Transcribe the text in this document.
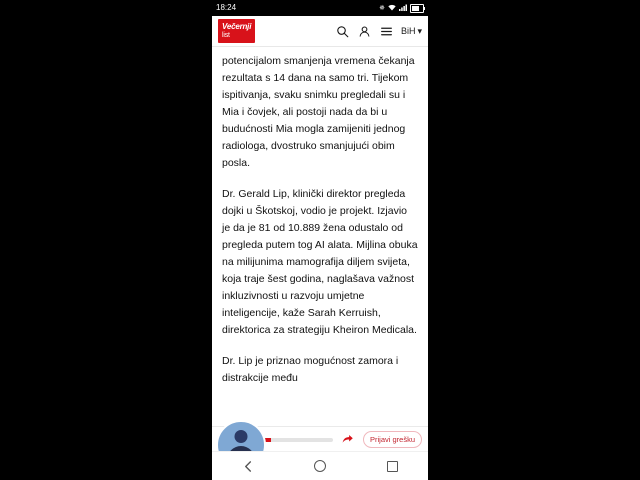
18:24	✵
Večernji
list	BiH ▾

potencijalom smanjenja vremena čekanja rezultata s 14 dana na samo tri. Tijekom ispitivanja, svaku snimku pregledali su i Mia i čovjek, ali postoji nada da bi u budućnosti Mia mogla zamijeniti jednog radiologa, dvostruko smanjujući obim posla.

Dr. Gerald Lip, klinički direktor pregleda dojki u Škotskoj, vodio je projekt. Izjavio je da je 81 od 10.889 žena odustalo od pregleda putem tog AI alata. Mijlina obuka na milijunima mamografija diljem svijeta, koja traje šest godina, naglašava važnost inkluzivnosti u razvoju umjetne inteligencije, kaže Sarah Kerruish, direktorica za strategiju Kheiron Medicala.

Dr. Lip je priznao mogućnost zamora i distrakcije među

Prijavi grešku
